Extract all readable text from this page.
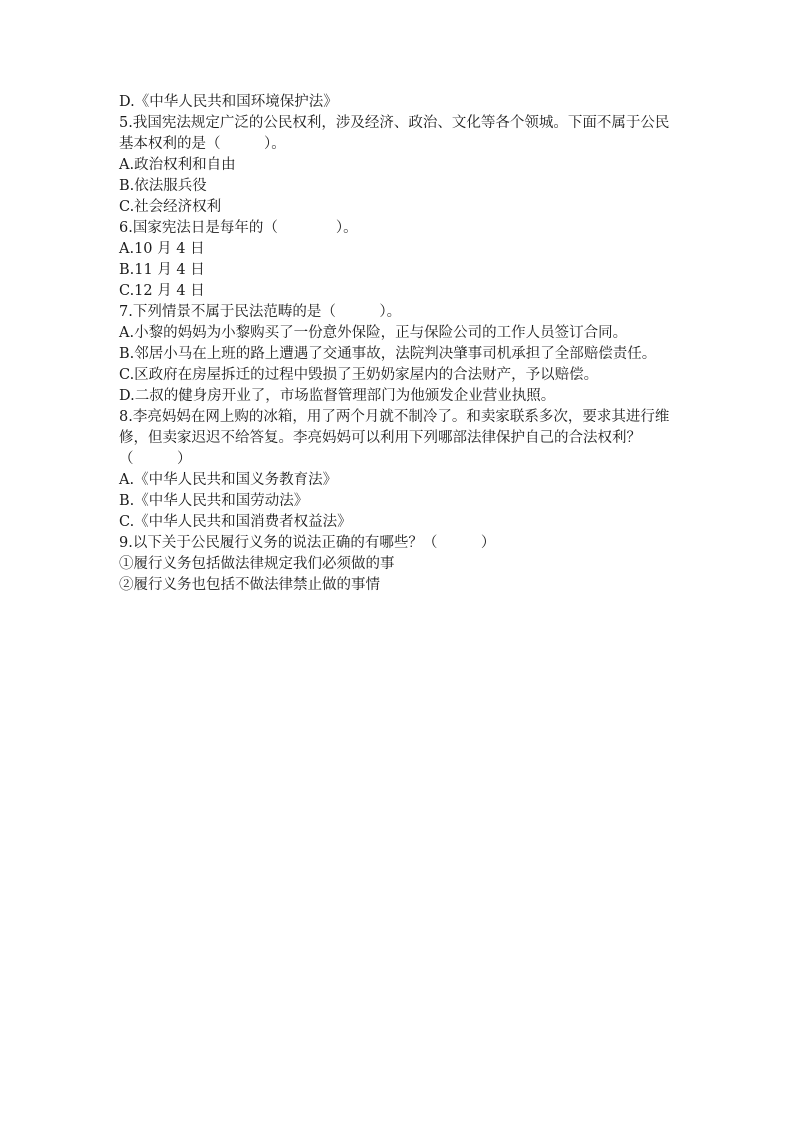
D.《中华人民共和国环境保护法》

5.我国宪法规定广泛的公民权利，涉及经济、政治、文化等各个领城。下面不属于公民基本权利的是（　　　）。

A.政治权利和自由

B.依法服兵役

C.社会经济权利

6.国家宪法日是每年的（　　　　）。

A.10 月 4 日

B.11 月 4 日

C.12 月 4 日

7.下列情景不属于民法范畴的是（　　　）。

A.小黎的妈妈为小黎购买了一份意外保险，正与保险公司的工作人员签订合同。

B.邻居小马在上班的路上遭遇了交通事故，法院判决肇事司机承担了全部赔偿责任。

C.区政府在房屋拆迁的过程中毁损了王奶奶家屋内的合法财产，予以赔偿。

D.二叔的健身房开业了，市场监督管理部门为他颁发企业营业执照。

8.李亮妈妈在网上购的冰箱，用了两个月就不制冷了。和卖家联系多次，要求其进行维修，但卖家迟迟不给答复。李亮妈妈可以利用下列哪部法律保护自己的合法权利？（　　　）

A.《中华人民共和国义务教育法》

B.《中华人民共和国劳动法》

C.《中华人民共和国消费者权益法》

9.以下关于公民履行义务的说法正确的有哪些？（　　　）

①履行义务包括做法律规定我们必须做的事

②履行义务也包括不做法律禁止做的事情
